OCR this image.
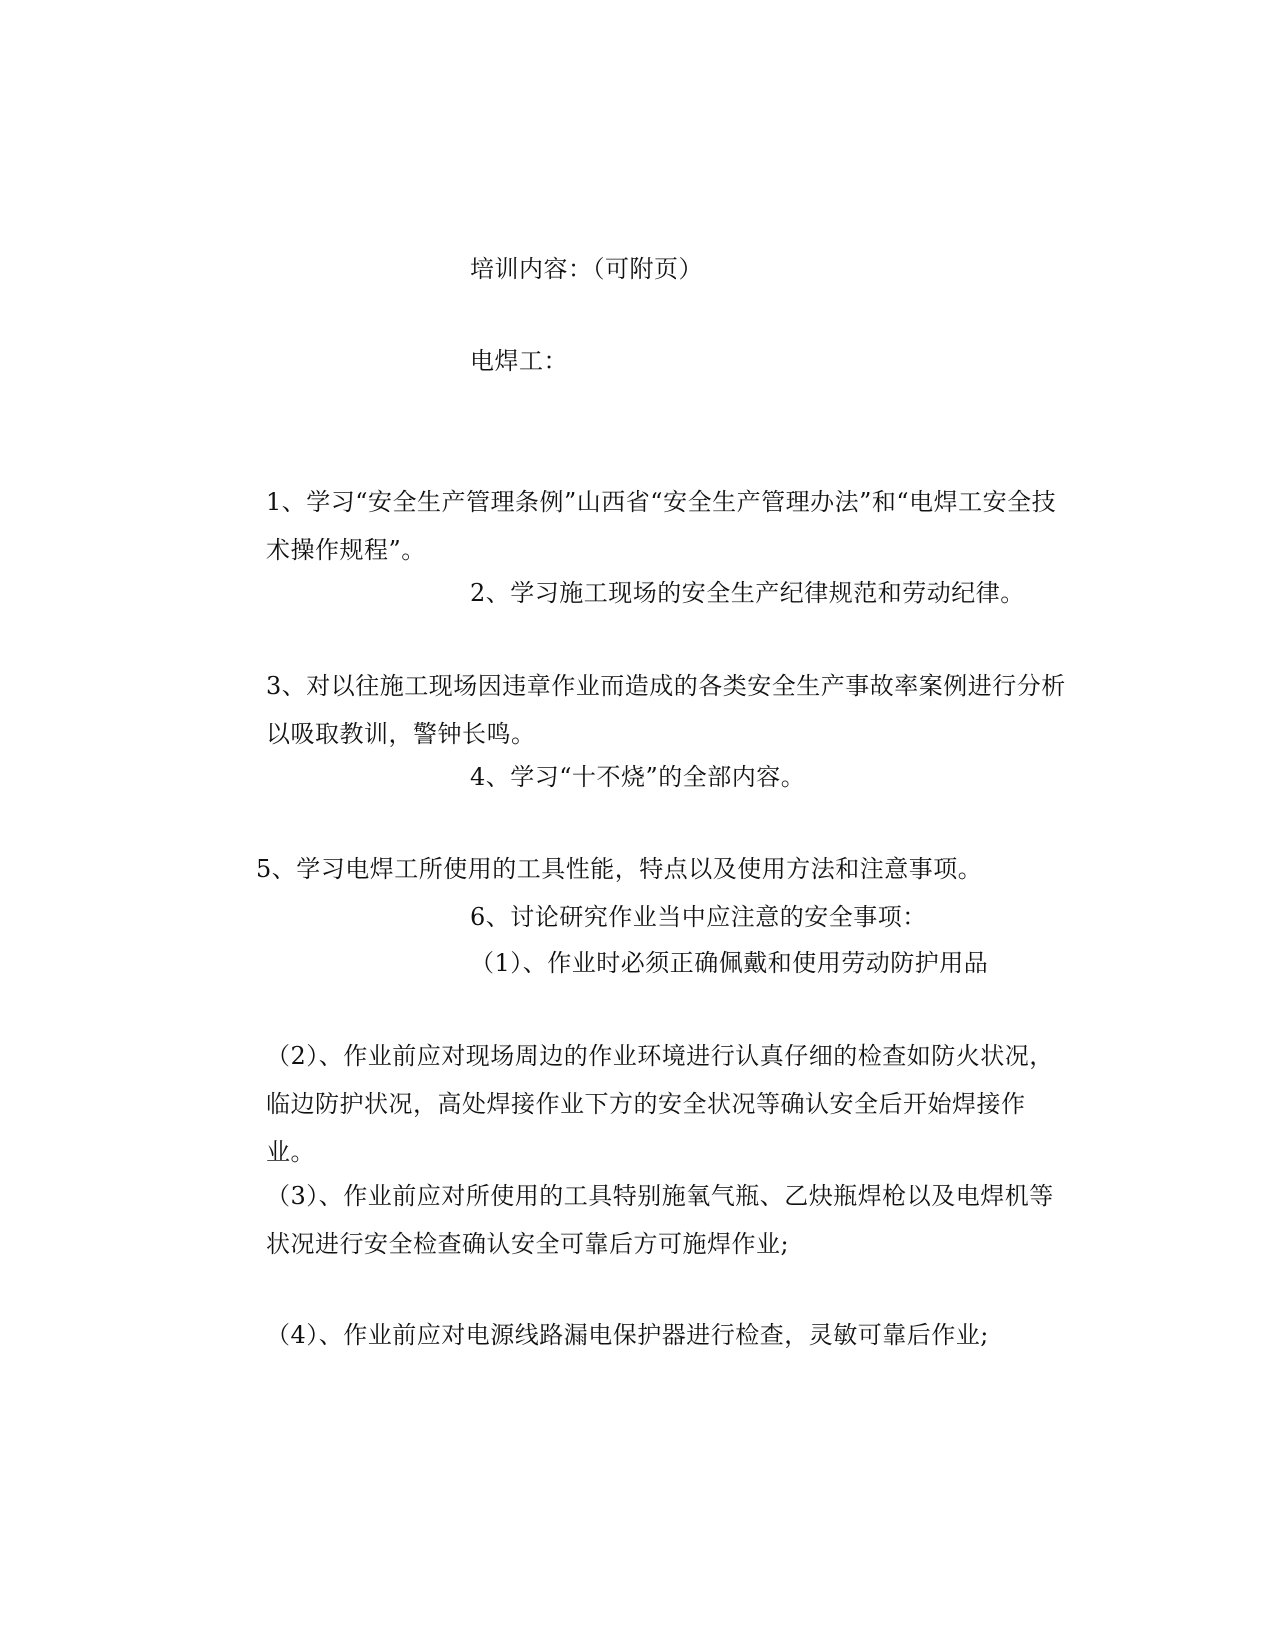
培训内容：（可附页）
电焊工：
1、学习“安全生产管理条例”山西省“安全生产管理办法”和“电焊工安全技术操作规程”。
2、学习施工现场的安全生产纪律规范和劳动纪律。
3、对以往施工现场因违章作业而造成的各类安全生产事故率案例进行分析以吸取教训，警钟长鸣。
4、学习“十不烧”的全部内容。
5、学习电焊工所使用的工具性能，特点以及使用方法和注意事项。
6、讨论研究作业当中应注意的安全事项：
（1）、作业时必须正确佩戴和使用劳动防护用品
（2）、作业前应对现场周边的作业环境进行认真仔细的检查如防火状况，临边防护状况，高处焊接作业下方的安全状况等确认安全后开始焊接作业。
（3）、作业前应对所使用的工具特别施氧气瓶、乙炔瓶焊枪以及电焊机等状况进行安全检查确认安全可靠后方可施焊作业;
（4）、作业前应对电源线路漏电保护器进行检查，灵敏可靠后作业;
